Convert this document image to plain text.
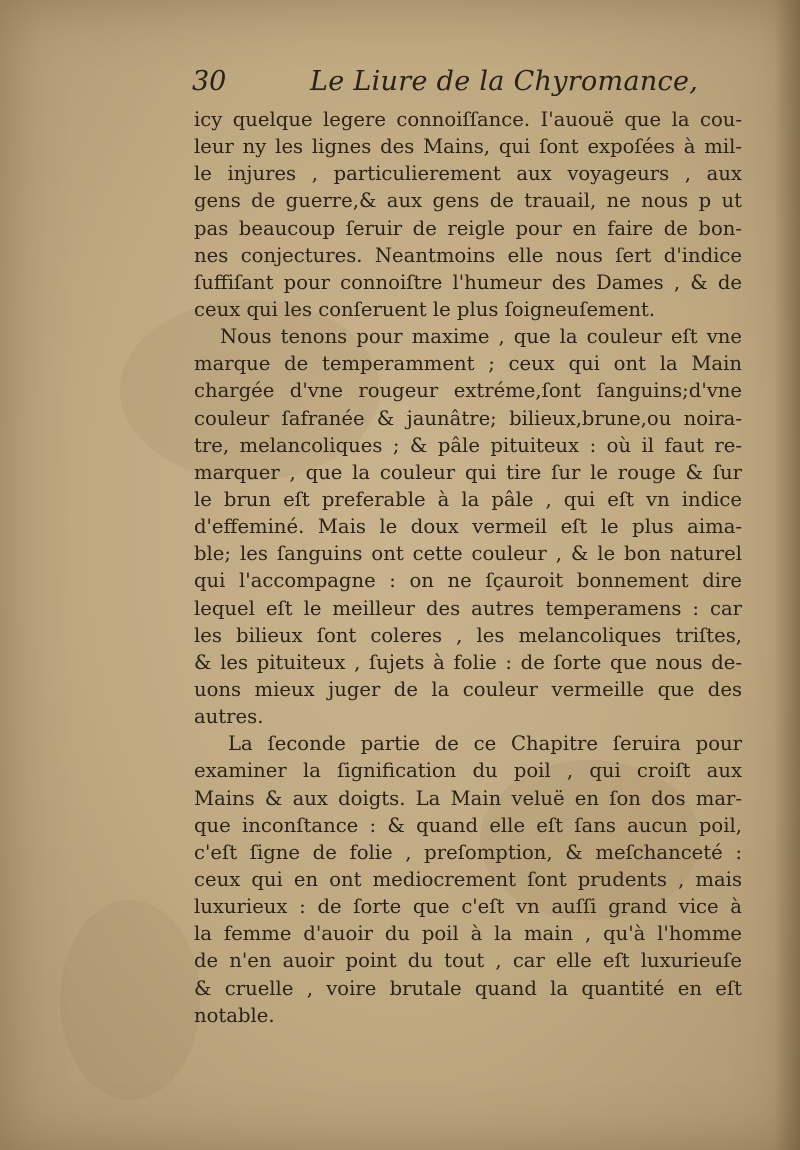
30	Le Liure de la Chyromance,
icy quelque legere connoiſſance. I'auouë que la cou-
leur ny les lignes des Mains, qui ſont expoſées à mil-
le injures , particulierement aux voyageurs , aux
gens de guerre,& aux gens de trauail, ne nous p ut
pas beaucoup ſeruir de reigle pour en faire de bon-
nes conjectures. Neantmoins elle nous ſert d'indice
ſuffiſant pour connoiſtre l'humeur des Dames , & de
ceux qui les conſeruent le plus ſoigneuſement.
Nous tenons pour maxime , que la couleur eſt vne
marque de temperamment ; ceux qui ont la Main
chargée d'vne rougeur extréme,ſont ſanguins;d'vne
couleur ſafranée & jaunâtre; bilieux,brune,ou noira-
tre, melancoliques ; & pâle pituiteux : où il faut re-
marquer , que la couleur qui tire ſur le rouge & ſur
le brun eſt preferable à la pâle , qui eſt vn indice
d'effeminé. Mais le doux vermeil eſt le plus aima-
ble; les ſanguins ont cette couleur , & le bon naturel
qui l'accompagne : on ne ſçauroit bonnement dire
lequel eſt le meilleur des autres temperamens : car
les bilieux ſont coleres , les melancoliques triſtes,
& les pituiteux , ſujets à folie : de ſorte que nous de-
uons mieux juger de la couleur vermeille que des
autres.
La ſeconde partie de ce Chapitre ſeruira pour
examiner la ſignification du poil , qui croiſt aux
Mains & aux doigts. La Main veluë en ſon dos mar-
que inconſtance : & quand elle eſt ſans aucun poil,
c'eſt ſigne de folie , preſomption, & meſchanceté :
ceux qui en ont mediocrement ſont prudents , mais
luxurieux : de ſorte que c'eſt vn auſſi grand vice à
la femme d'auoir du poil à la main , qu'à l'homme
de n'en auoir point du tout , car elle eſt luxurieuſe
& cruelle , voire brutale quand la quantité en eſt
notable.
